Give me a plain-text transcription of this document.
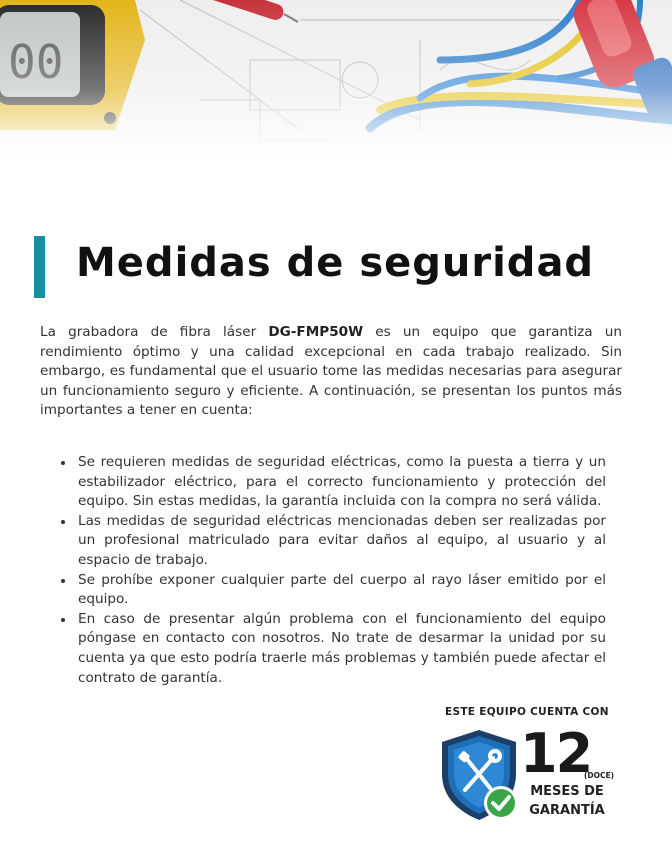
Medidas de seguridad

La grabadora de fibra láser DG-FMP50W es un equipo que garantiza un rendimiento óptimo y una calidad excepcional en cada trabajo realizado. Sin embargo, es fundamental que el usuario tome las medidas necesarias para asegurar un funcionamiento seguro y eficiente. A continuación, se presentan los puntos más importantes a tener en cuenta:

Se requieren medidas de seguridad eléctricas, como la puesta a tierra y un estabilizador eléctrico, para el correcto funcionamiento y protección del equipo. Sin estas medidas, la garantía incluida con la compra no será válida.
Las medidas de seguridad eléctricas mencionadas deben ser realizadas por un profesional matriculado para evitar daños al equipo, al usuario y al espacio de trabajo.
Se prohíbe exponer cualquier parte del cuerpo al rayo láser emitido por el equipo.
En caso de presentar algún problema con el funcionamiento del equipo póngase en contacto con nosotros. No trate de desarmar la unidad por su cuenta ya que esto podría traerle más problemas y también puede afectar el contrato de garantía.
ESTE EQUIPO CUENTA CON
12
(DOCE)
MESES DE
GARANTÍA
